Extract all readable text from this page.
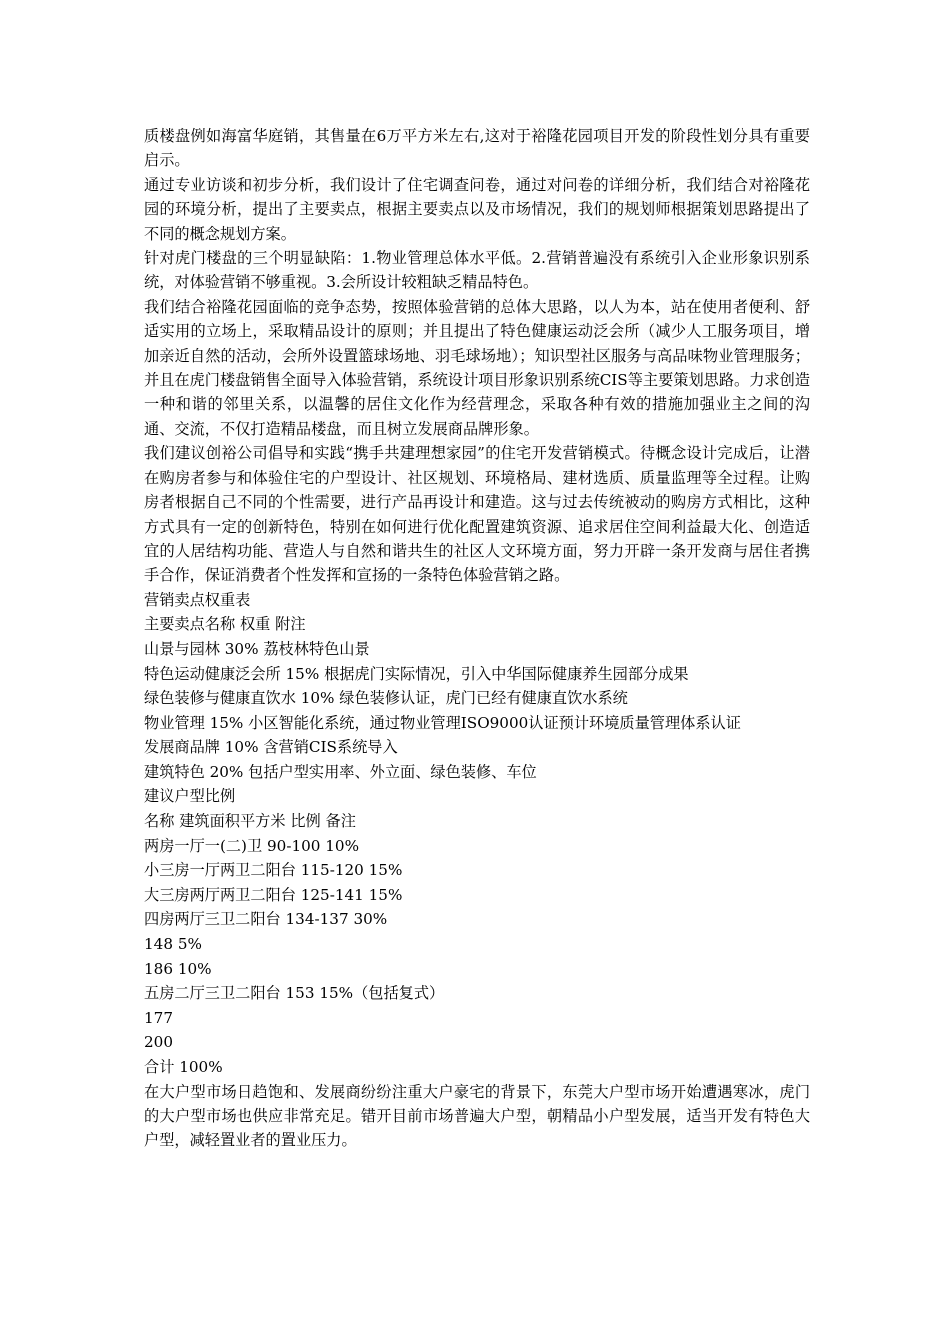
质楼盘例如海富华庭销，其售量在6万平方米左右,这对于裕隆花园项目开发的阶段性划分具有重要启示。

通过专业访谈和初步分析，我们设计了住宅调查问卷，通过对问卷的详细分析，我们结合对裕隆花园的环境分析，提出了主要卖点，根据主要卖点以及市场情况，我们的规划师根据策划思路提出了不同的概念规划方案。

针对虎门楼盘的三个明显缺陷：1.物业管理总体水平低。2.营销普遍没有系统引入企业形象识别系统，对体验营销不够重视。3.会所设计较粗缺乏精品特色。

我们结合裕隆花园面临的竞争态势，按照体验营销的总体大思路，以人为本，站在使用者便利、舒适实用的立场上，采取精品设计的原则；并且提出了特色健康运动泛会所（减少人工服务项目，增加亲近自然的活动，会所外设置篮球场地、羽毛球场地）；知识型社区服务与高品味物业管理服务；并且在虎门楼盘销售全面导入体验营销，系统设计项目形象识别系统CIS等主要策划思路。力求创造一种和谐的邻里关系，以温馨的居住文化作为经营理念，采取各种有效的措施加强业主之间的沟通、交流，不仅打造精品楼盘，而且树立发展商品牌形象。

我们建议创裕公司倡导和实践“携手共建理想家园”的住宅开发营销模式。待概念设计完成后，让潜在购房者参与和体验住宅的户型设计、社区规划、环境格局、建材选质、质量监理等全过程。让购房者根据自己不同的个性需要，进行产品再设计和建造。这与过去传统被动的购房方式相比，这种方式具有一定的创新特色，特别在如何进行优化配置建筑资源、追求居住空间利益最大化、创造适宜的人居结构功能、营造人与自然和谐共生的社区人文环境方面，努力开辟一条开发商与居住者携手合作，保证消费者个性发挥和宣扬的一条特色体验营销之路。

营销卖点权重表

主要卖点名称 权重 附注

山景与园林 30% 荔枝林特色山景

特色运动健康泛会所 15% 根据虎门实际情况，引入中华国际健康养生园部分成果

绿色装修与健康直饮水 10% 绿色装修认证，虎门已经有健康直饮水系统

物业管理 15% 小区智能化系统，通过物业管理ISO9000认证预计环境质量管理体系认证

发展商品牌 10% 含营销CIS系统导入

建筑特色 20% 包括户型实用率、外立面、绿色装修、车位

建议户型比例

名称 建筑面积平方米 比例 备注

两房一厅一(二)卫 90-100 10%

小三房一厅两卫二阳台 115-120 15%

大三房两厅两卫二阳台 125-141 15%

四房两厅三卫二阳台 134-137 30%

148 5%

186 10%

五房二厅三卫二阳台 153 15%（包括复式）

177

200

合计 100%

在大户型市场日趋饱和、发展商纷纷注重大户豪宅的背景下，东莞大户型市场开始遭遇寒冰，虎门的大户型市场也供应非常充足。错开目前市场普遍大户型，朝精品小户型发展，适当开发有特色大户型，减轻置业者的置业压力。
